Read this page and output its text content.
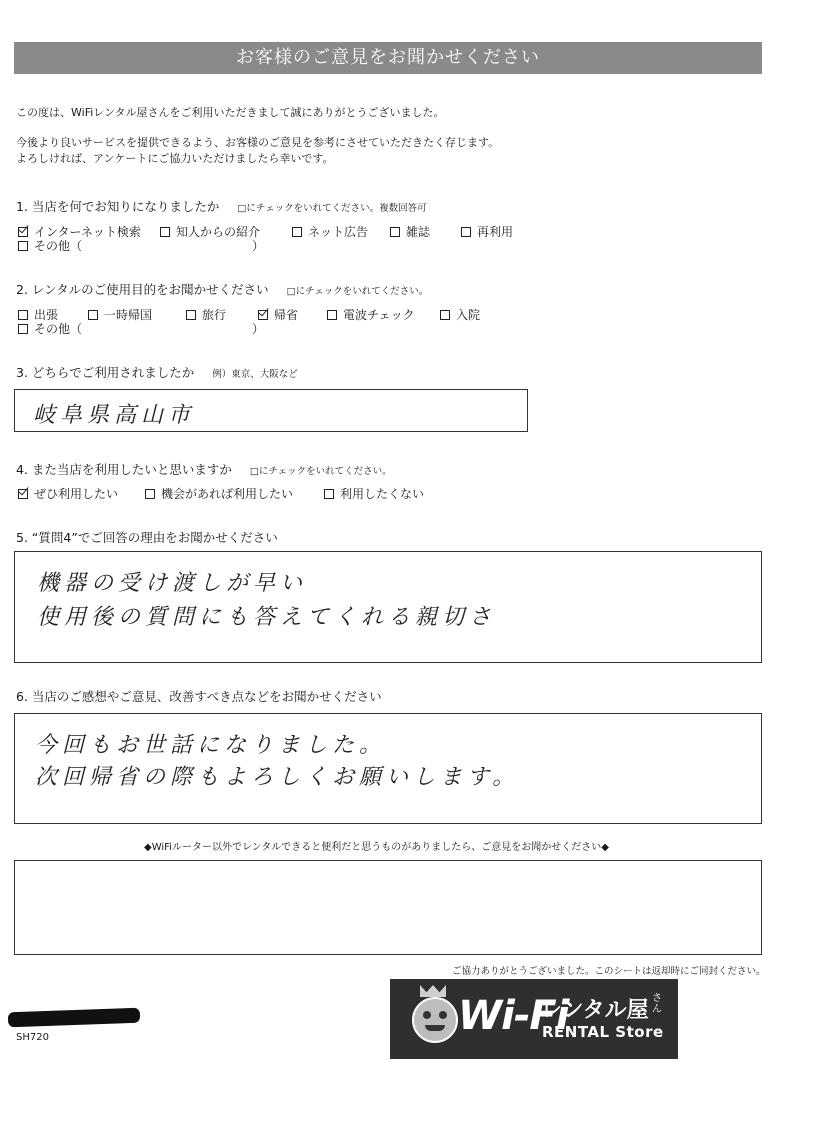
お客様のご意見をお聞かせください
この度は、WiFiレンタル屋さんをご利用いただきまして誠にありがとうございました。
今後より良いサービスを提供できるよう、お客様のご意見を参考にさせていただきたく存じます。
よろしければ、アンケートにご協力いただけましたら幸いです。
1. 当店を何でお知りになりましたか □にチェックをいれてください。複数回答可
インターネット検索	知人からの紹介	ネット広告	雑誌	再利用
その他（	）
2. レンタルのご使用目的をお聞かせください □にチェックをいれてください。
出張	一時帰国	旅行	帰省	電波チェック	入院
その他（	）
3. どちらでご利用されましたか 例）東京、大阪など
岐阜県高山市
4. また当店を利用したいと思いますか □にチェックをいれてください。
ぜひ利用したい	機会があれば利用したい	利用したくない
5. “質問4”でご回答の理由をお聞かせください
機器の受け渡しが早い
使用後の質問にも答えてくれる親切さ
6. 当店のご感想やご意見、改善すべき点などをお聞かせください
今回もお世話になりました。
次回帰省の際もよろしくお願いします。
◆WiFiルーター以外でレンタルできると便利だと思うものがありましたら、ご意見をお聞かせください◆
ご協力ありがとうございました。このシートは返却時にご同封ください。
SH720	Wi-Fi
レンタル屋 さん
RENTAL Store
